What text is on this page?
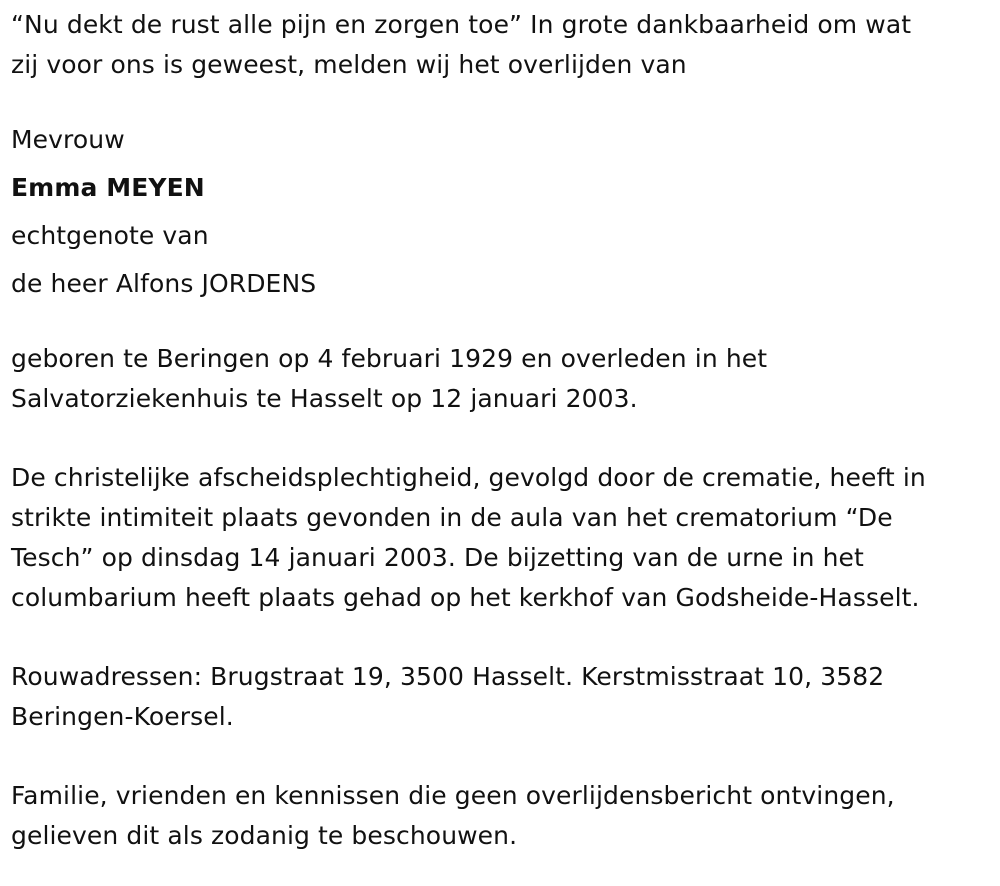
“Nu dekt de rust alle pijn en zorgen toe” In grote dankbaarheid om wat
zij voor ons is geweest, melden wij het overlijden van

Mevrouw
Emma MEYEN
echtgenote van
de heer Alfons JORDENS

geboren te Beringen op 4 februari 1929 en overleden in het
Salvatorziekenhuis te Hasselt op 12 januari 2003.

De christelijke afscheidsplechtigheid, gevolgd door de crematie, heeft in
strikte intimiteit plaats gevonden in de aula van het crematorium “De
Tesch” op dinsdag 14 januari 2003. De bijzetting van de urne in het
columbarium heeft plaats gehad op het kerkhof van Godsheide-Hasselt.

Rouwadressen: Brugstraat 19, 3500 Hasselt. Kerstmisstraat 10, 3582
Beringen-Koersel.

Familie, vrienden en kennissen die geen overlijdensbericht ontvingen,
gelieven dit als zodanig te beschouwen.
